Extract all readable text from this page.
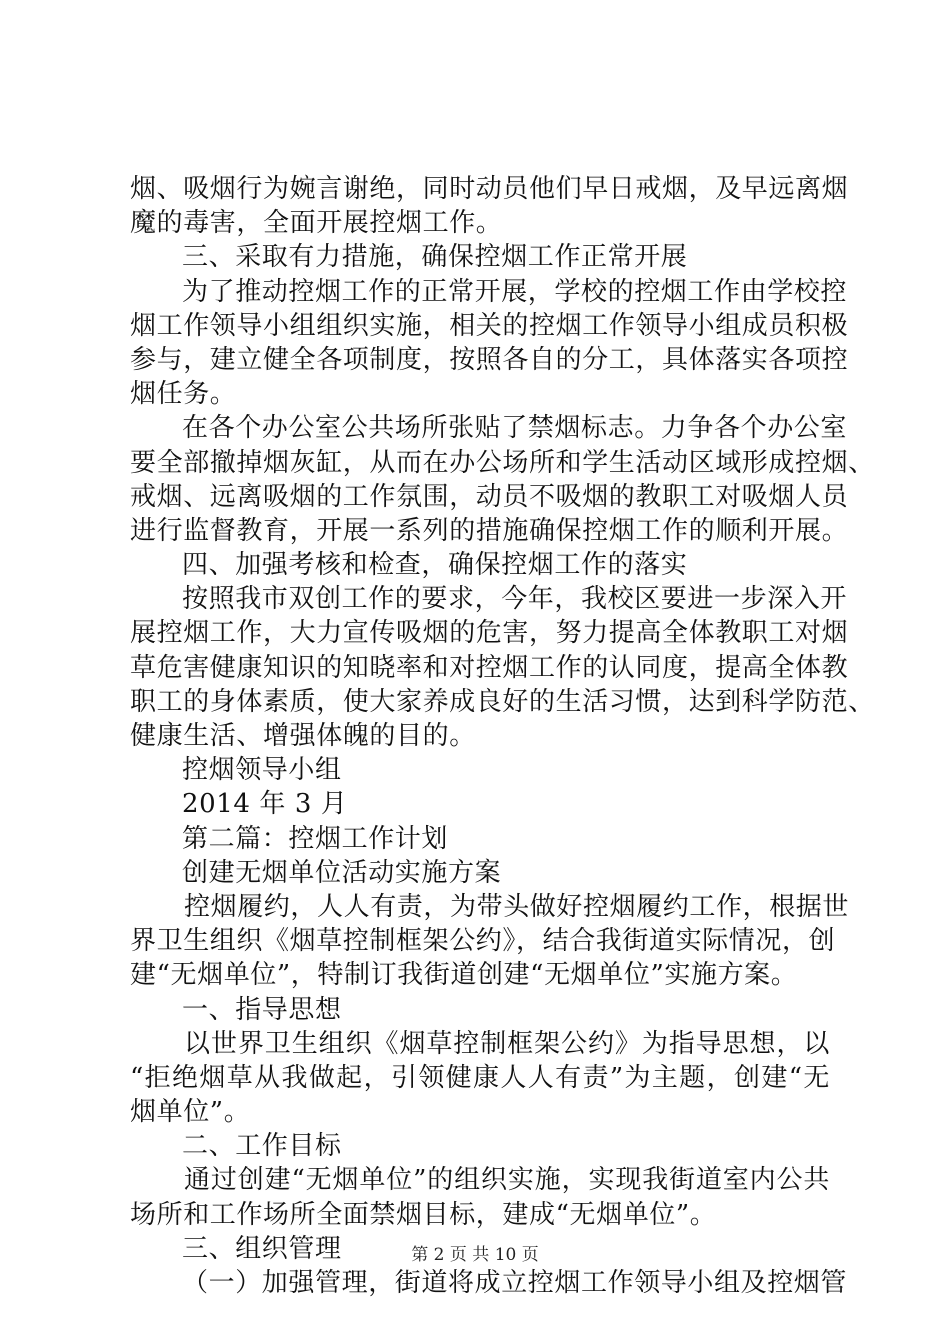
烟、吸烟行为婉言谢绝，同时动员他们早日戒烟，及早远离烟
魔的毒害，全面开展控烟工作。
三、采取有力措施，确保控烟工作正常开展
为了推动控烟工作的正常开展，学校的控烟工作由学校控
烟工作领导小组组织实施，相关的控烟工作领导小组成员积极
参与，建立健全各项制度，按照各自的分工，具体落实各项控
烟任务。
在各个办公室公共场所张贴了禁烟标志。力争各个办公室
要全部撤掉烟灰缸，从而在办公场所和学生活动区域形成控烟、
戒烟、远离吸烟的工作氛围，动员不吸烟的教职工对吸烟人员
进行监督教育，开展一系列的措施确保控烟工作的顺利开展。
四、加强考核和检查，确保控烟工作的落实
按照我市双创工作的要求，今年，我校区要进一步深入开
展控烟工作，大力宣传吸烟的危害，努力提高全体教职工对烟
草危害健康知识的知晓率和对控烟工作的认同度，提高全体教
职工的身体素质，使大家养成良好的生活习惯，达到科学防范、
健康生活、增强体魄的目的。
控烟领导小组
2014 年 3 月
第二篇：控烟工作计划
创建无烟单位活动实施方案
控烟履约，人人有责，为带头做好控烟履约工作，根据世
界卫生组织《烟草控制框架公约》，结合我街道实际情况，创
建“无烟单位”，特制订我街道创建“无烟单位”实施方案。
一、指导思想
以世界卫生组织《烟草控制框架公约》为指导思想，以
“拒绝烟草从我做起，引领健康人人有责”为主题，创建“无
烟单位”。
二、工作目标
通过创建“无烟单位”的组织实施，实现我街道室内公共
场所和工作场所全面禁烟目标，建成“无烟单位”。
三、组织管理
（一）加强管理，街道将成立控烟工作领导小组及控烟管
第 2 页 共 10 页
